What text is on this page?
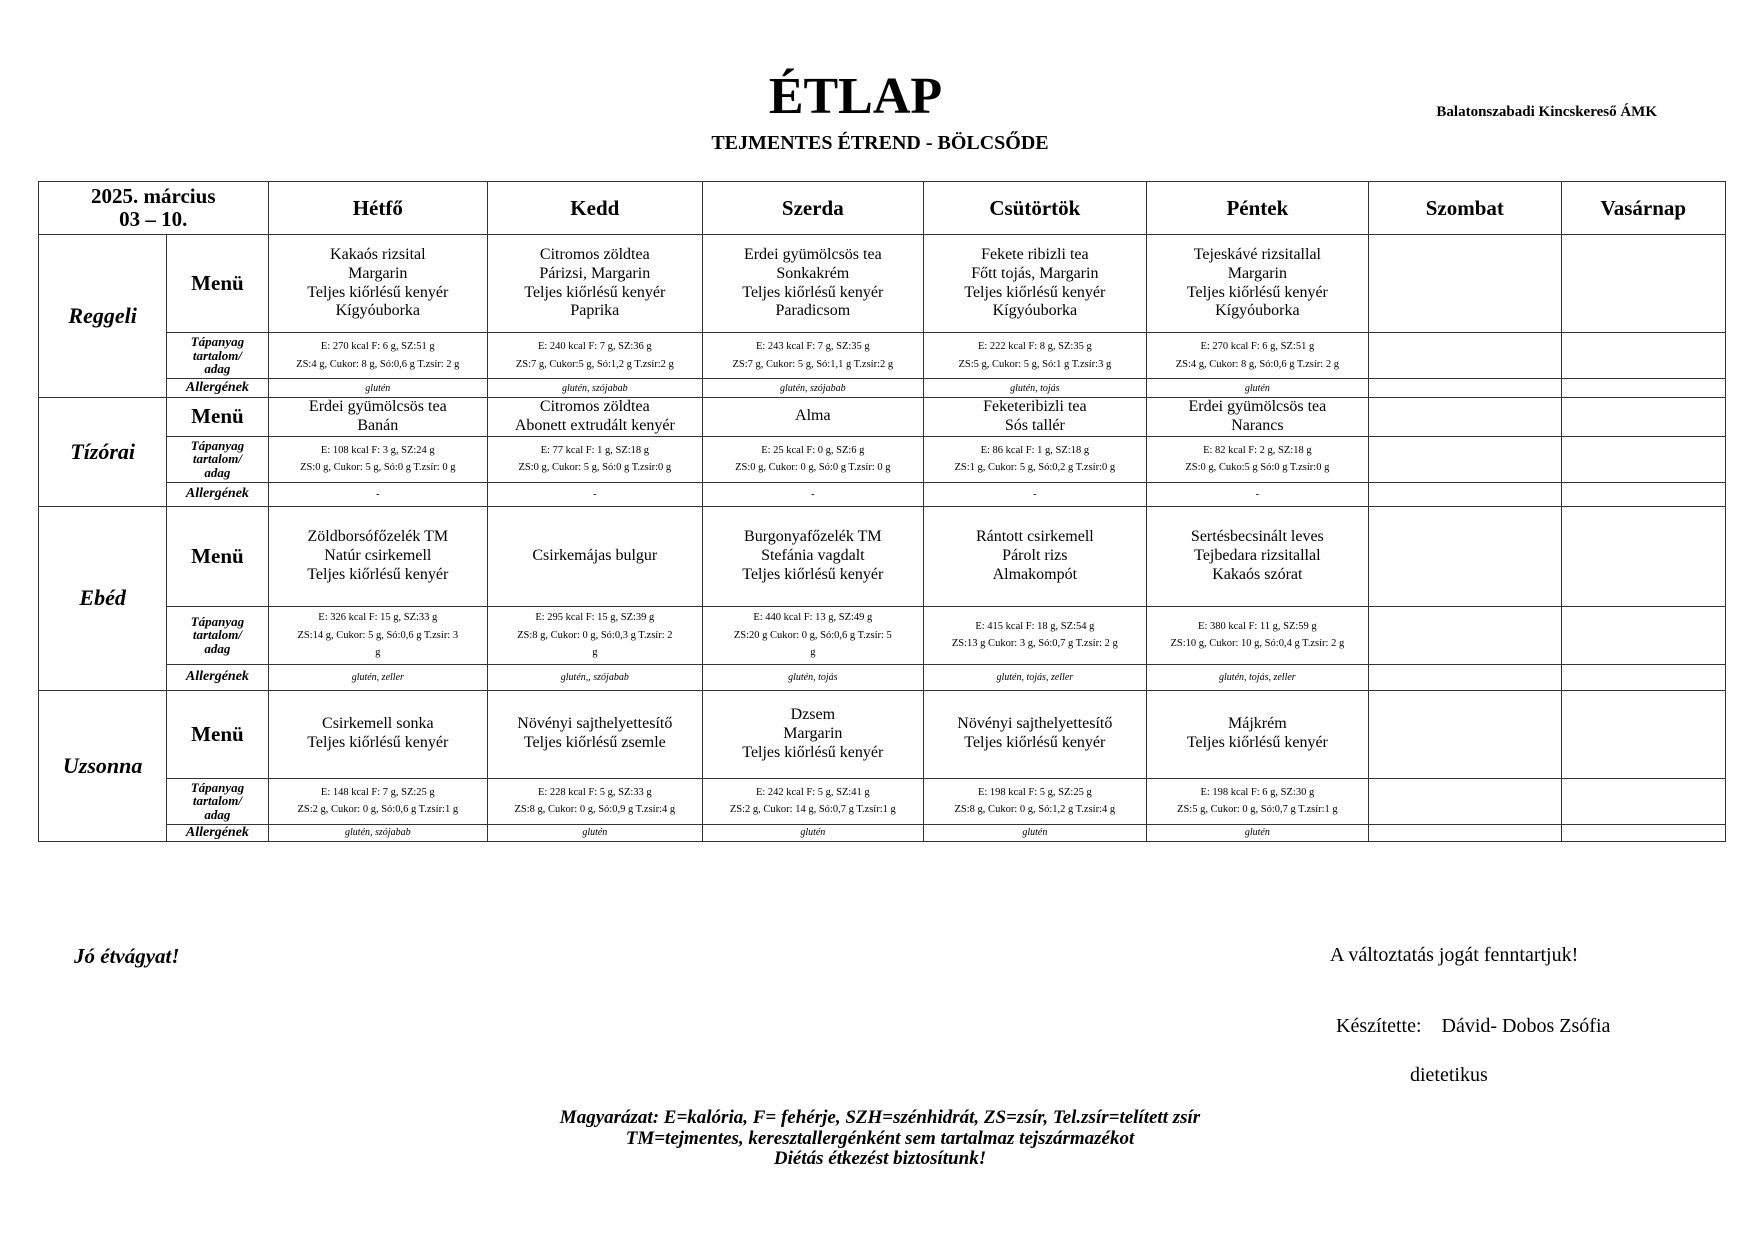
ÉTLAP
TEJMENTES ÉTREND - BÖLCSŐDE
Balatonszabadi Kincskereső ÁMK
2025. március
03 – 10.		Hétfő	Kedd	Szerda	Csütörtök	Péntek	Szombat	Vasárnap
Reggeli	Menü	Kakaós rizsital
Margarin
Teljes kiőrlésű kenyér
Kígyóuborka	Citromos zöldtea
Párizsi, Margarin
Teljes kiőrlésű kenyér
Paprika	Erdei gyümölcsös tea
Sonkakrém
Teljes kiőrlésű kenyér
Paradicsom	Fekete ribizli tea
Főtt tojás, Margarin
Teljes kiőrlésű kenyér
Kígyóuborka	Tejeskávé rizsitallal
Margarin
Teljes kiőrlésű kenyér
Kígyóuborka		

	Tápanyag
tartalom/
adag	E: 270 kcal F: 6 g, SZ:51 g
ZS:4 g, Cukor: 8 g, Só:0,6 g T.zsír: 2 g	E: 240 kcal F: 7 g, SZ:36 g
ZS:7 g, Cukor:5 g, Só:1,2 g T.zsír:2 g	E: 243 kcal F: 7 g, SZ:35 g
ZS:7 g, Cukor: 5 g, Só:1,1 g T.zsír:2 g	E: 222 kcal F: 8 g, SZ:35 g
ZS:5 g, Cukor: 5 g, Só:1 g T.zsír:3 g	E: 270 kcal F: 6 g, SZ:51 g
ZS:4 g, Cukor: 8 g, Só:0,6 g T.zsír: 2 g		

	Allergének	glutén	glutén, szójabab	glutén, szójabab	glutén, tojás	glutén		
Tízórai	Menü	Erdei gyümölcsös tea
Banán	Citromos zöldtea
Abonett extrudált kenyér	Alma	Feketeribizli tea
Sós tallér	Erdei gyümölcsös tea
Narancs		

	Tápanyag
tartalom/
adag	E: 108 kcal F: 3 g, SZ:24 g
ZS:0 g, Cukor: 5 g, Só:0 g T.zsír: 0 g	E: 77 kcal F: 1 g, SZ:18 g
ZS:0 g, Cukor: 5 g, Só:0 g T.zsír:0 g	E: 25 kcal F: 0 g, SZ:6 g
ZS:0 g, Cukor: 0 g, Só:0 g T.zsír: 0 g	E: 86 kcal F: 1 g, SZ:18 g
ZS:1 g, Cukor: 5 g, Só:0,2 g T.zsír:0 g	E: 82 kcal F: 2 g, SZ:18 g
ZS:0 g, Cuko:5 g Só:0 g T.zsír:0 g		

	Allergének	-	-	-	-	-		
Ebéd	Menü	Zöldborsófőzelék TM
Natúr csirkemell
Teljes kiőrlésű kenyér	Csirkemájas bulgur	Burgonyafőzelék TM
Stefánia vagdalt
Teljes kiőrlésű kenyér	Rántott csirkemell
Párolt rizs
Almakompót	Sertésbecsinált leves
Tejbedara rizsitallal
Kakaós szórat		

	Tápanyag
tartalom/
adag	E: 326 kcal F: 15 g, SZ:33 g
ZS:14 g, Cukor: 5 g, Só:0,6 g T.zsír: 3
g	E: 295 kcal F: 15 g, SZ:39 g
ZS:8 g, Cukor: 0 g, Só:0,3 g T.zsír: 2
g	E: 440 kcal F: 13 g, SZ:49 g
ZS:20 g Cukor: 0 g, Só:0,6 g T.zsír: 5
g	E: 415 kcal F: 18 g, SZ:54 g
ZS:13 g Cukor: 3 g, Só:0,7 g T.zsír: 2 g	E: 380 kcal F: 11 g, SZ:59 g
ZS:10 g, Cukor: 10 g, Só:0,4 g T.zsír: 2 g		

	Allergének	glutén, zeller	glutén,, szójabab	glutén, tojás	glutén, tojás, zeller	glutén, tojás, zeller		
Uzsonna	Menü	Csirkemell sonka
Teljes kiőrlésű kenyér	Növényi sajthelyettesítő
Teljes kiőrlésű zsemle	Dzsem
Margarin
Teljes kiőrlésű kenyér	Növényi sajthelyettesítő
Teljes kiőrlésű kenyér	Májkrém
Teljes kiőrlésű kenyér		

	Tápanyag
tartalom/
adag	E: 148 kcal F: 7 g, SZ:25 g
ZS:2 g, Cukor: 0 g, Só:0,6 g T.zsír:1 g	E: 228 kcal F: 5 g, SZ:33 g
ZS:8 g, Cukor: 0 g, Só:0,9 g T.zsír:4 g	E: 242 kcal F: 5 g, SZ:41 g
ZS:2 g, Cukor: 14 g, Só:0,7 g T.zsír:1 g	E: 198 kcal F: 5 g, SZ:25 g
ZS:8 g, Cukor: 0 g, Só:1,2 g T.zsír:4 g	E: 198 kcal F: 6 g, SZ:30 g
ZS:5 g, Cukor: 0 g, Só:0,7 g T.zsír:1 g		

	Allergének	glutén, szójabab	glutén	glutén	glutén	glutén		
Jó étvágyat!	A változtatás jogát fenntartjuk!
Készítette:    Dávid- Dobos Zsófia
dietetikus
Magyarázat: E=kalória, F= fehérje, SZH=szénhidrát, ZS=zsír, Tel.zsír=telített zsír
TM=tejmentes, keresztallergénként sem tartalmaz tejszármazékot
Diétás étkezést biztosítunk!
